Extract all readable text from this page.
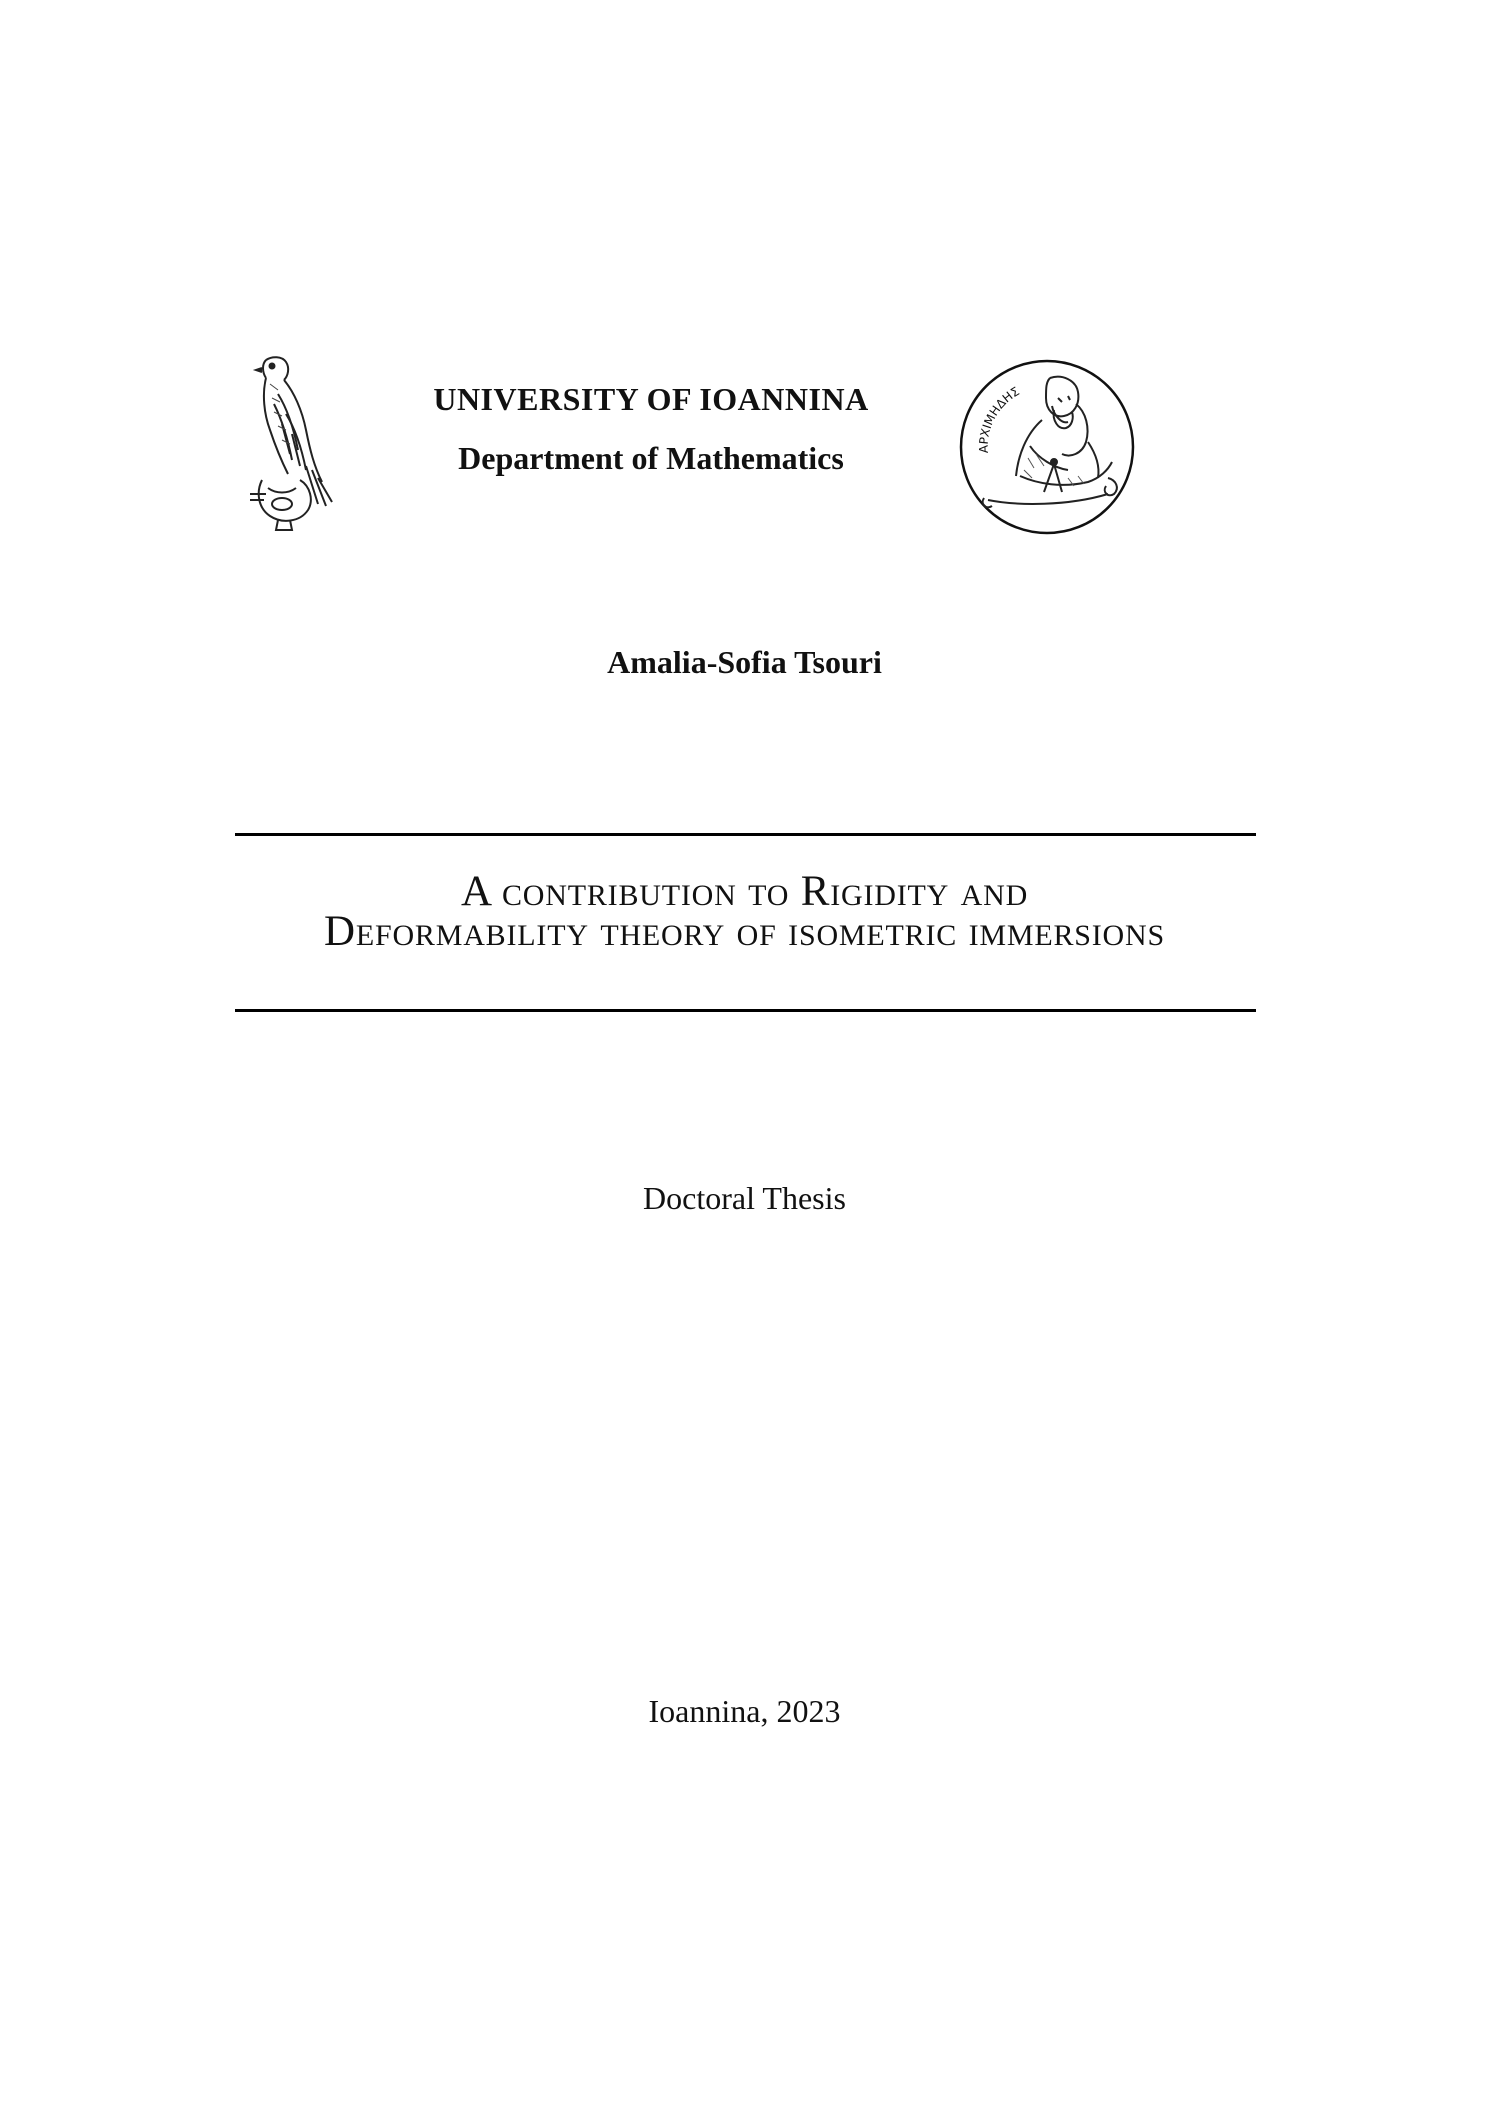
ΑΡΧΙΜΗΔΗΣ
UNIVERSITY OF IOANNINA
Department of Mathematics
Amalia-Sofia Tsouri
A contribution to Rigidity and
Deformability theory of isometric immersions
Doctoral Thesis
Ioannina, 2023
